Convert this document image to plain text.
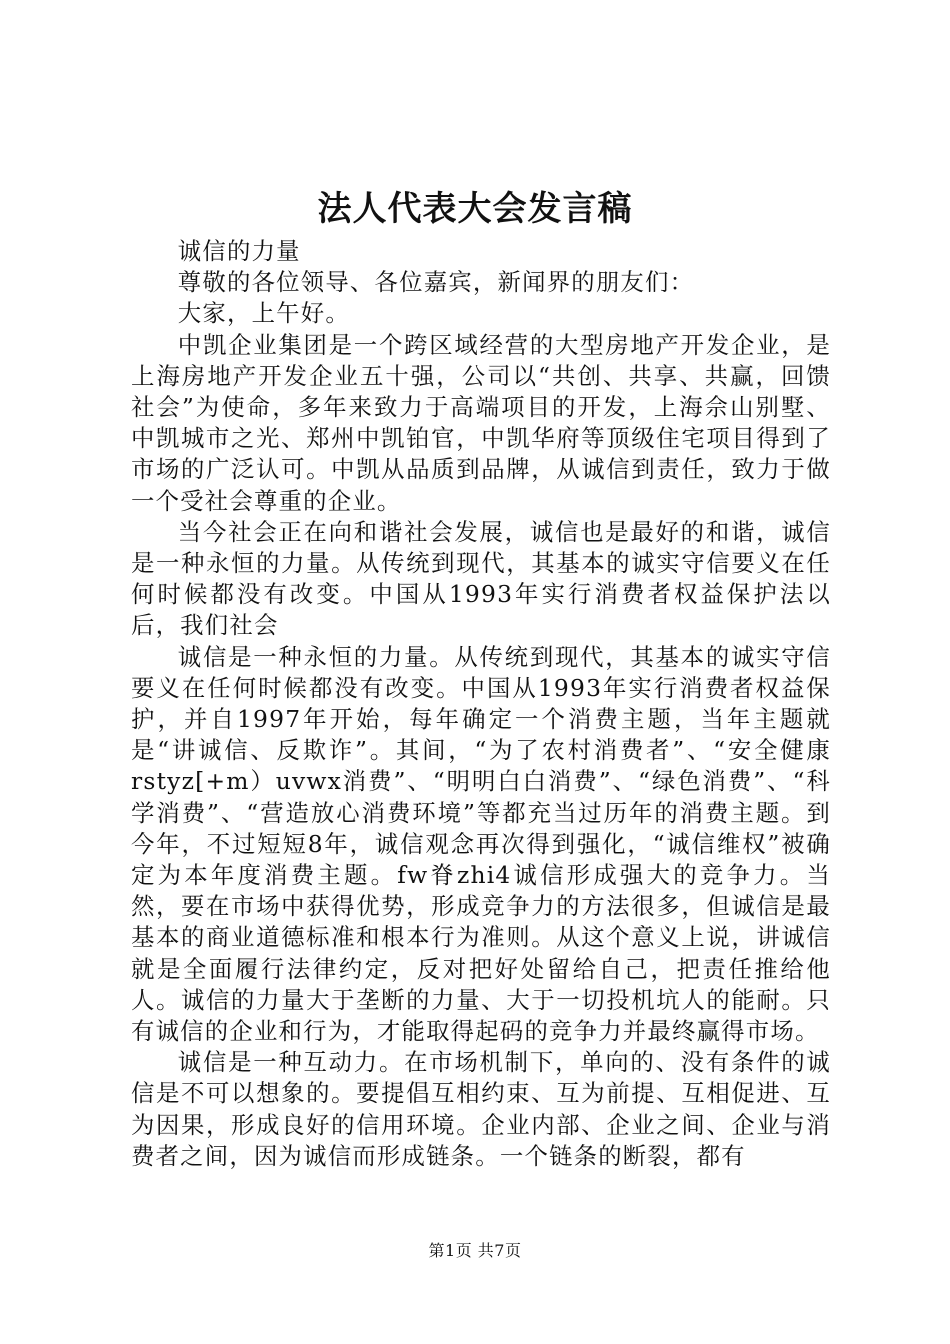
法人代表大会发言稿

诚信的力量

尊敬的各位领导、各位嘉宾，新闻界的朋友们：

大家，上午好。

中凯企业集团是一个跨区域经营的大型房地产开发企业，是上海房地产开发企业五十强，公司以“共创、共享、共赢，回馈社会”为使命，多年来致力于高端项目的开发，上海佘山别墅、中凯城市之光、郑州中凯铂官，中凯华府等顶级住宅项目得到了市场的广泛认可。中凯从品质到品牌，从诚信到责任，致力于做一个受社会尊重的企业。

当今社会正在向和谐社会发展，诚信也是最好的和谐，诚信是一种永恒的力量。从传统到现代，其基本的诚实守信要义在任何时候都没有改变。中国从1993年实行消费者权益保护法以后，我们社会

诚信是一种永恒的力量。从传统到现代，其基本的诚实守信要义在任何时候都没有改变。中国从1993年实行消费者权益保护，并自1997年开始，每年确定一个消费主题，当年主题就是“讲诚信、反欺诈”。其间，“为了农村消费者”、“安全健康rstyz[+m）uvwx消费”、“明明白白消费”、“绿色消费”、“科学消费”、“营造放心消费环境”等都充当过历年的消费主题。到今年，不过短短8年，诚信观念再次得到强化，“诚信维权”被确定为本年度消费主题。fw脊zhi4诚信形成强大的竞争力。当然，要在市场中获得优势，形成竞争力的方法很多，但诚信是最基本的商业道德标准和根本行为准则。从这个意义上说，讲诚信就是全面履行法律约定，反对把好处留给自己，把责任推给他人。诚信的力量大于垄断的力量、大于一切投机坑人的能耐。只有诚信的企业和行为，才能取得起码的竞争力并最终赢得市场。

诚信是一种互动力。在市场机制下，单向的、没有条件的诚信是不可以想象的。要提倡互相约束、互为前提、互相促进、互为因果，形成良好的信用环境。企业内部、企业之间、企业与消费者之间，因为诚信而形成链条。一个链条的断裂，都有

第1页 共7页
